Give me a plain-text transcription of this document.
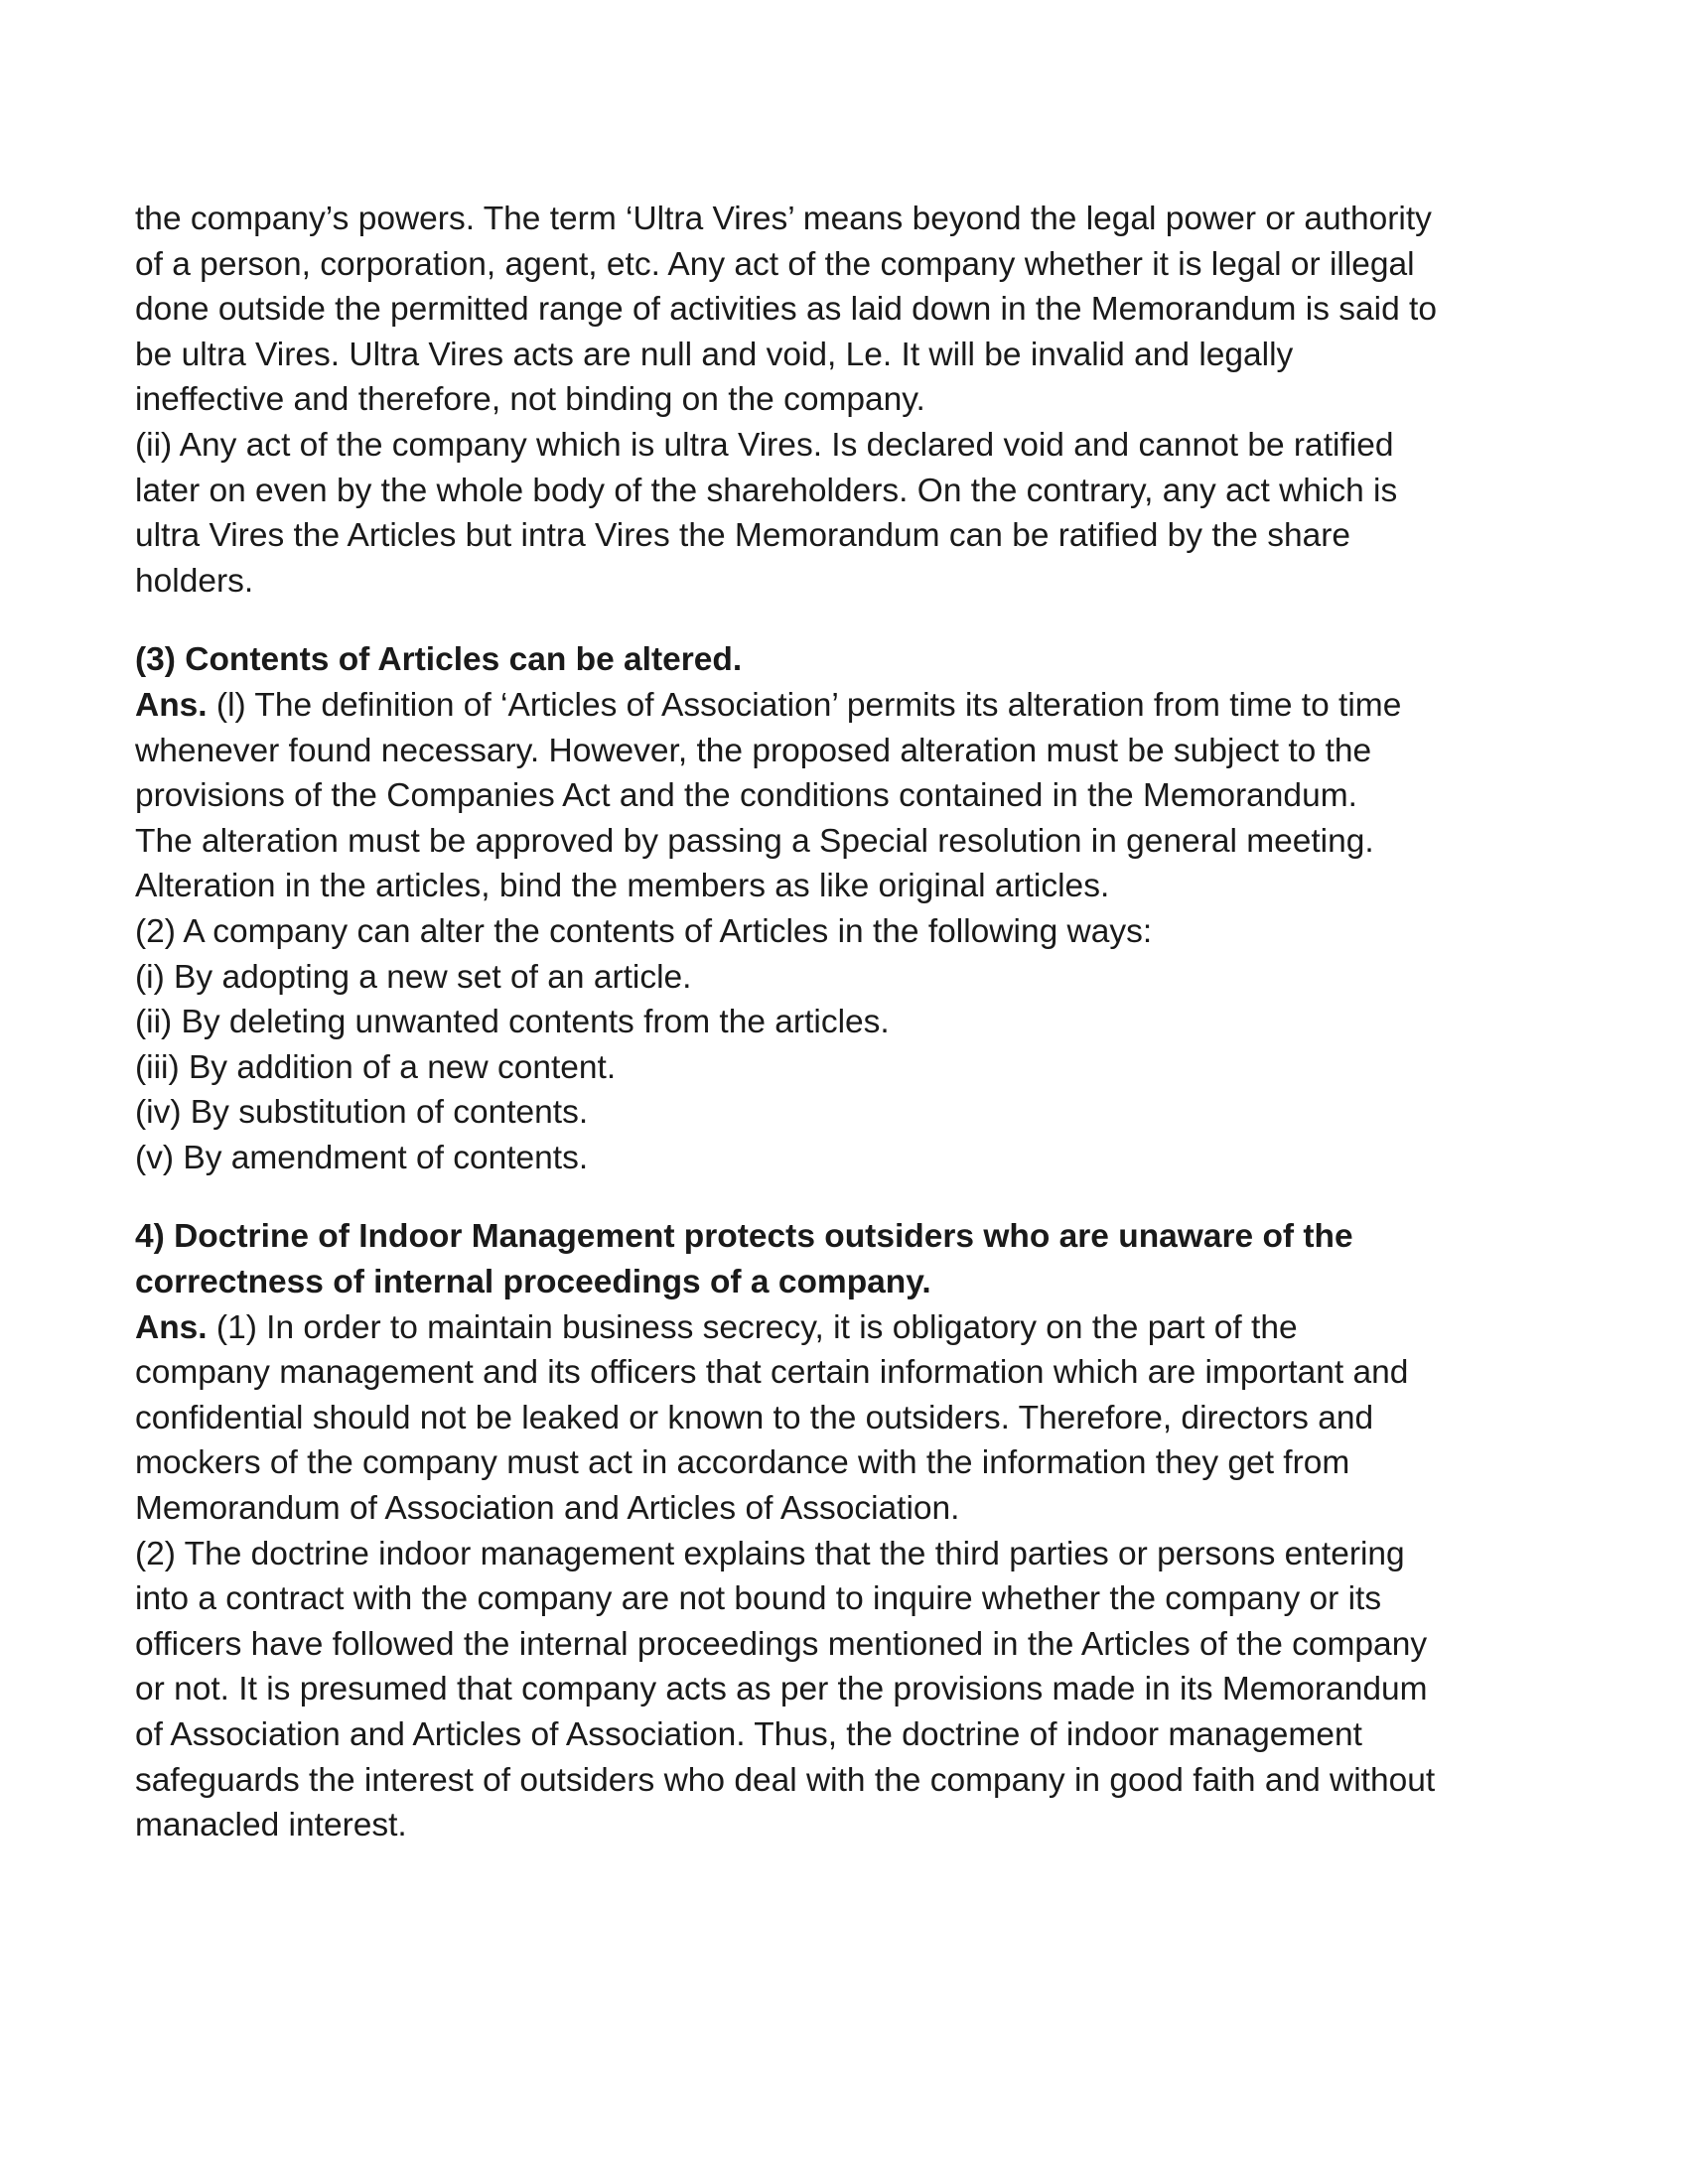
the company’s powers. The term ‘Ultra Vires’ means beyond the legal power or authority
of a person, corporation, agent, etc. Any act of the company whether it is legal or illegal
done outside the permitted range of activities as laid down in the Memorandum is said to
be ultra Vires. Ultra Vires acts are null and void, Le. It will be invalid and legally
ineffective and therefore, not binding on the company.
(ii) Any act of the company which is ultra Vires. Is declared void and cannot be ratified
later on even by the whole body of the shareholders. On the contrary, any act which is
ultra Vires the Articles but intra Vires the Memorandum can be ratified by the share
holders.
(3) Contents of Articles can be altered.
Ans. (l) The definition of ‘Articles of Association’ permits its alteration from time to time
whenever found necessary. However, the proposed alteration must be subject to the
provisions of the Companies Act and the conditions contained in the Memorandum.
The alteration must be approved by passing a Special resolution in general meeting.
Alteration in the articles, bind the members as like original articles.
(2) A company can alter the contents of Articles in the following ways:
(i) By adopting a new set of an article.
(ii) By deleting unwanted contents from the articles.
(iii) By addition of a new content.
(iv) By substitution of contents.
(v) By amendment of contents.
4) Doctrine of Indoor Management protects outsiders who are unaware of the
correctness of internal proceedings of a company.
Ans. (1) In order to maintain business secrecy, it is obligatory on the part of the
company management and its officers that certain information which are important and
confidential should not be leaked or known to the outsiders. Therefore, directors and
mockers of the company must act in accordance with the information they get from
Memorandum of Association and Articles of Association.
(2) The doctrine indoor management explains that the third parties or persons entering
into a contract with the company are not bound to inquire whether the company or its
officers have followed the internal proceedings mentioned in the Articles of the company
or not. It is presumed that company acts as per the provisions made in its Memorandum
of Association and Articles of Association. Thus, the doctrine of indoor management
safeguards the interest of outsiders who deal with the company in good faith and without
manacled interest.
